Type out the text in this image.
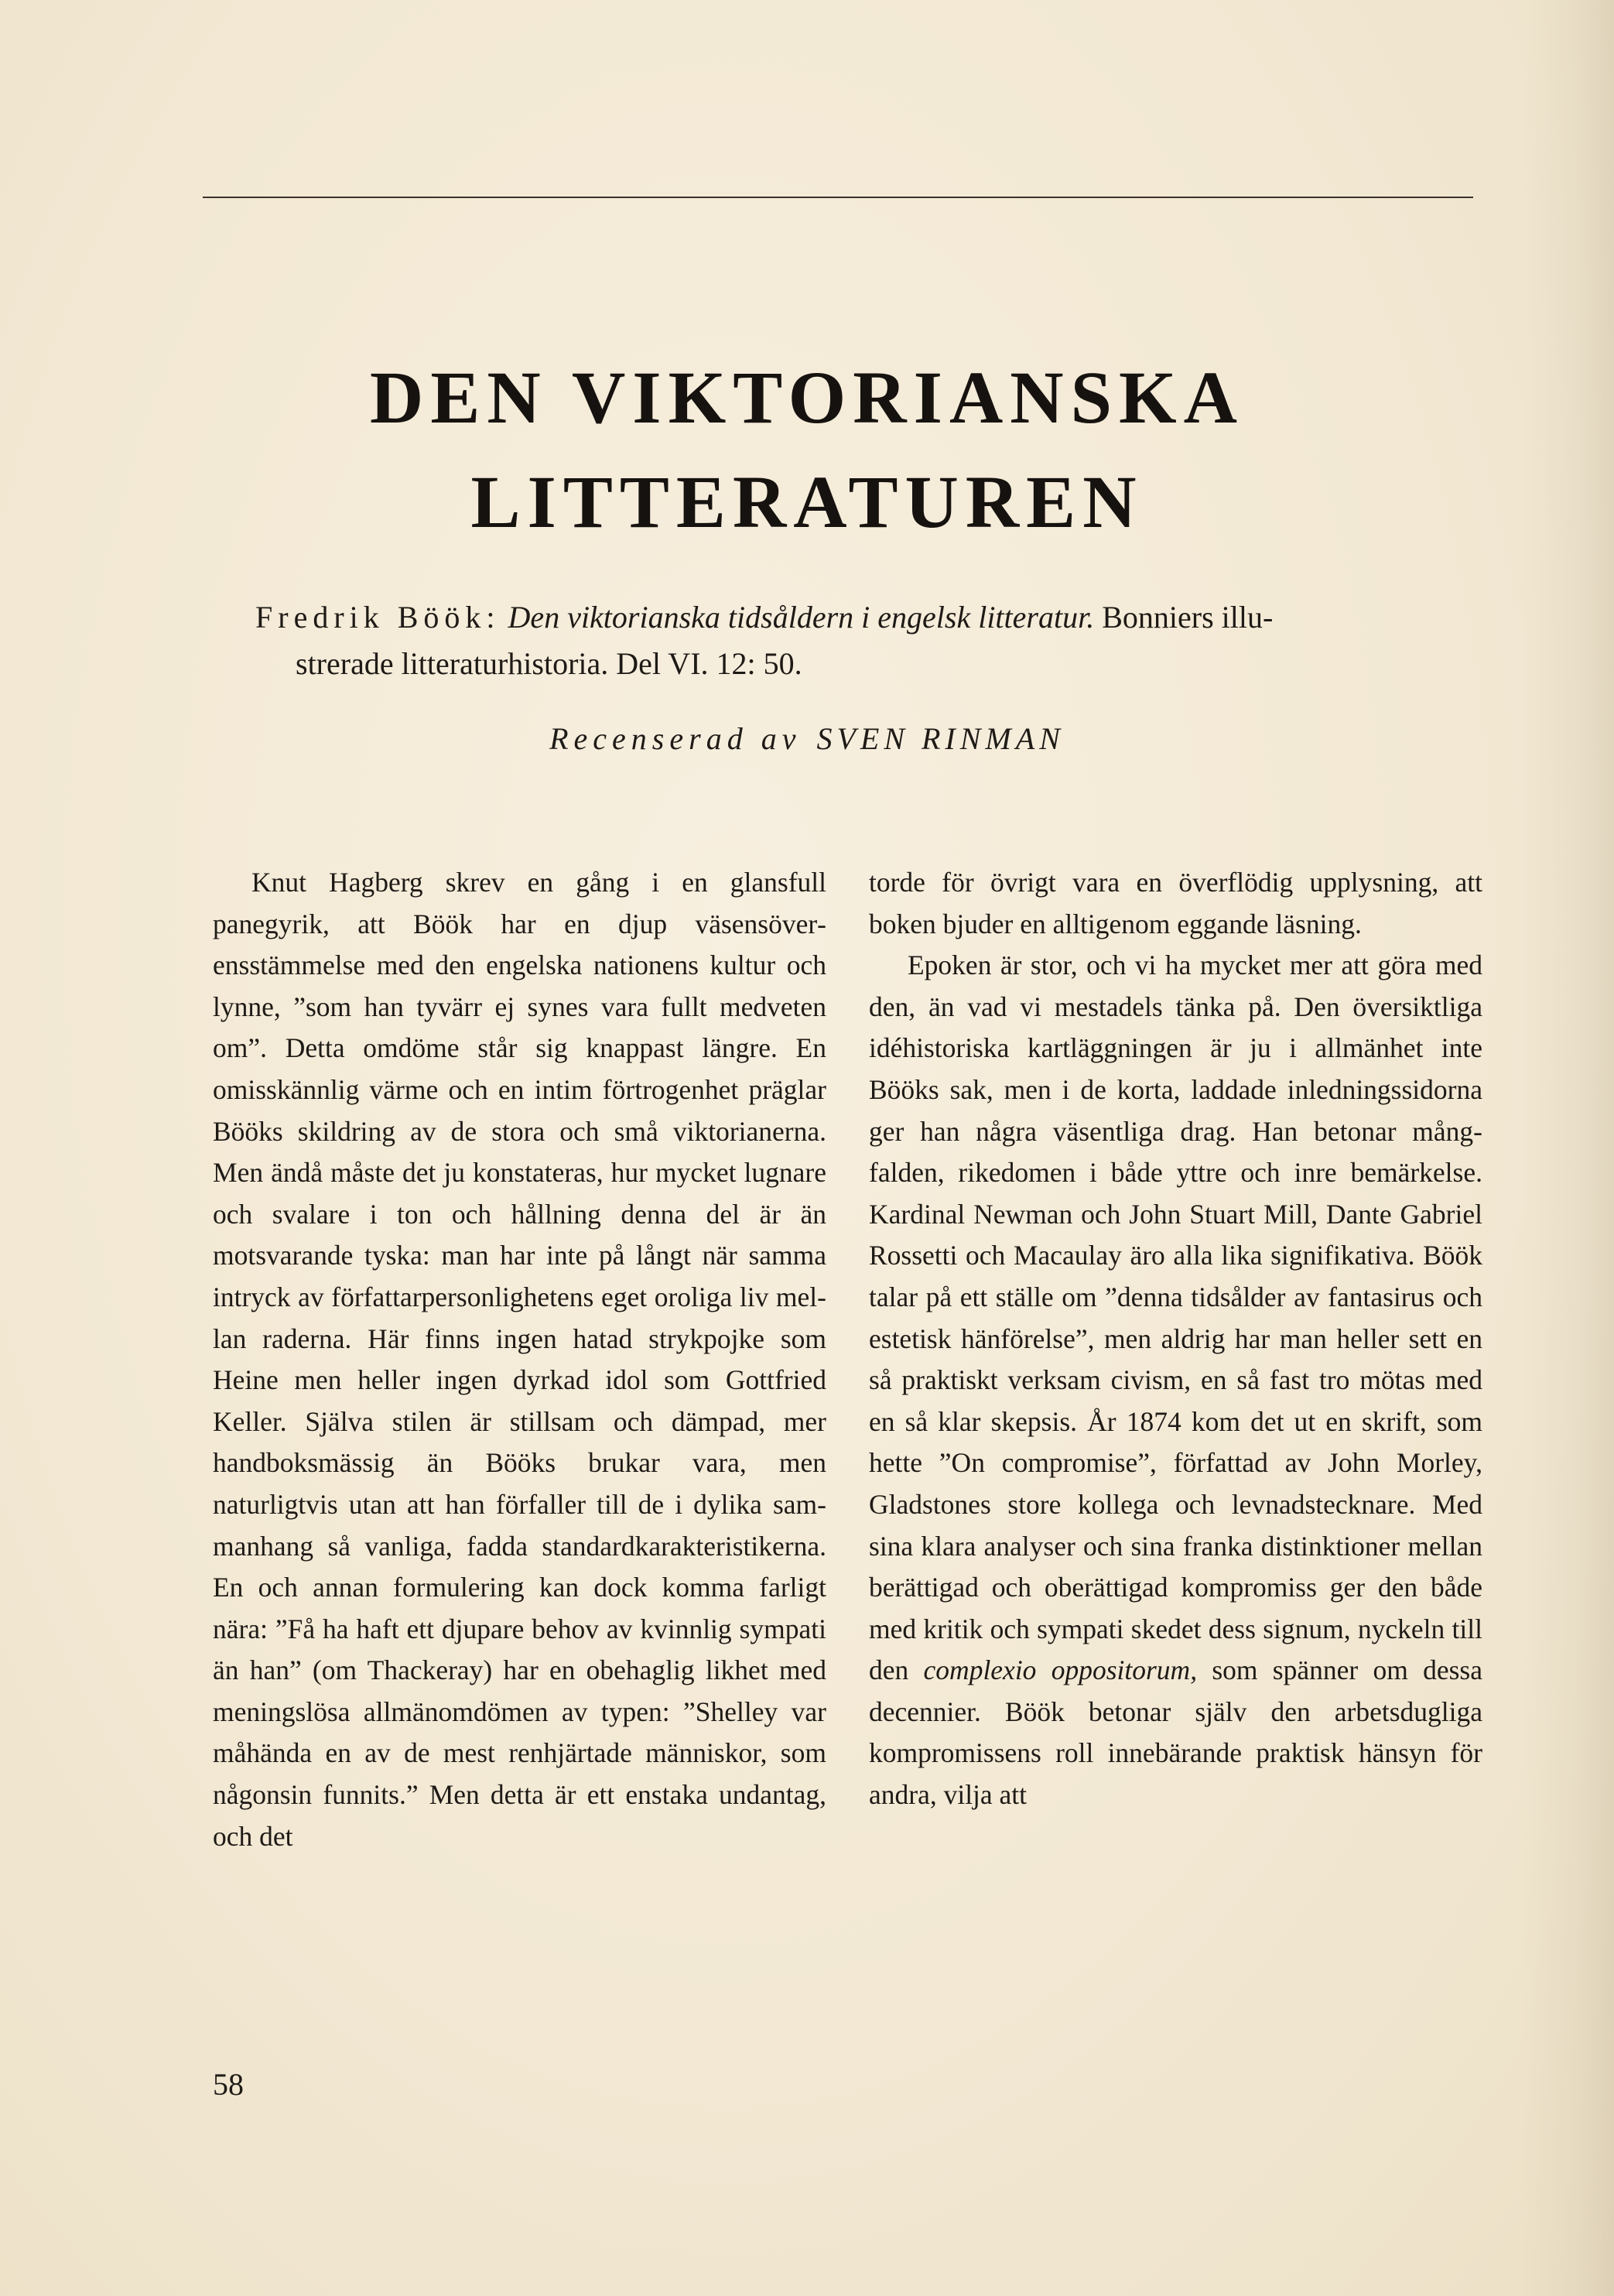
DEN VIKTORIANSKA
LITTERATUREN
Fredrik Böök: Den viktorianska tidsåldern i engelsk litteratur. Bonniers illu-
strerade litteraturhistoria. Del VI. 12: 50.
Recenserad av SVEN RINMAN

Knut Hagberg skrev en gång i en glansfull panegyrik, att Böök har en djup väsensöverensstämmelse med den engelska nationens kultur och lynne, ”som han tyvärr ej synes vara fullt medveten om”. Detta omdöme står sig knappast längre. En omisskännlig värme och en intim förtrogenhet präglar Bööks skildring av de stora och små viktorianerna. Men ändå måste det ju konstateras, hur mycket lugnare och svalare i ton och hållning denna del är än motsvarande tyska: man har inte på långt när samma intryck av författarpersonlighetens eget oroliga liv mellan raderna. Här finns ingen hatad strykpojke som Heine men heller ingen dyrkad idol som Gottfried Keller. Själva stilen är stillsam och dämpad, mer handboksmässig än Bööks brukar vara, men naturligtvis utan att han förfaller till de i dylika sammanhang så vanliga, fadda standardkarakteristikerna. En och annan formulering kan dock komma farligt nära: ”Få ha haft ett djupare behov av kvinnlig sympati än han” (om Thackeray) har en obehaglig likhet med meningslösa allmänomdömen av typen: ”Shelley var måhända en av de mest renhjärtade människor, som någonsin funnits.” Men detta är ett enstaka undantag, och det

torde för övrigt vara en överflödig upplysning, att boken bjuder en alltigenom eggande läsning.

Epoken är stor, och vi ha mycket mer att göra med den, än vad vi mestadels tänka på. Den översiktliga idéhistoriska kartläggningen är ju i allmänhet inte Bööks sak, men i de korta, laddade inledningssidorna ger han några väsentliga drag. Han betonar mångfalden, rikedomen i både yttre och inre bemärkelse. Kardinal Newman och John Stuart Mill, Dante Gabriel Rossetti och Macaulay äro alla lika signifikativa. Böök talar på ett ställe om ”denna tidsålder av fantasirus och estetisk hänförelse”, men aldrig har man heller sett en så praktiskt verksam civism, en så fast tro mötas med en så klar skepsis. År 1874 kom det ut en skrift, som hette ”On compromise”, författad av John Morley, Gladstones store kollega och levnadstecknare. Med sina klara analyser och sina franka distinktioner mellan berättigad och oberättigad kompromiss ger den både med kritik och sympati skedet dess signum, nyckeln till den complexio oppositorum, som spänner om dessa decennier. Böök betonar själv den arbetsdugliga kompromissens roll innebärande praktisk hänsyn för andra, vilja att

58
